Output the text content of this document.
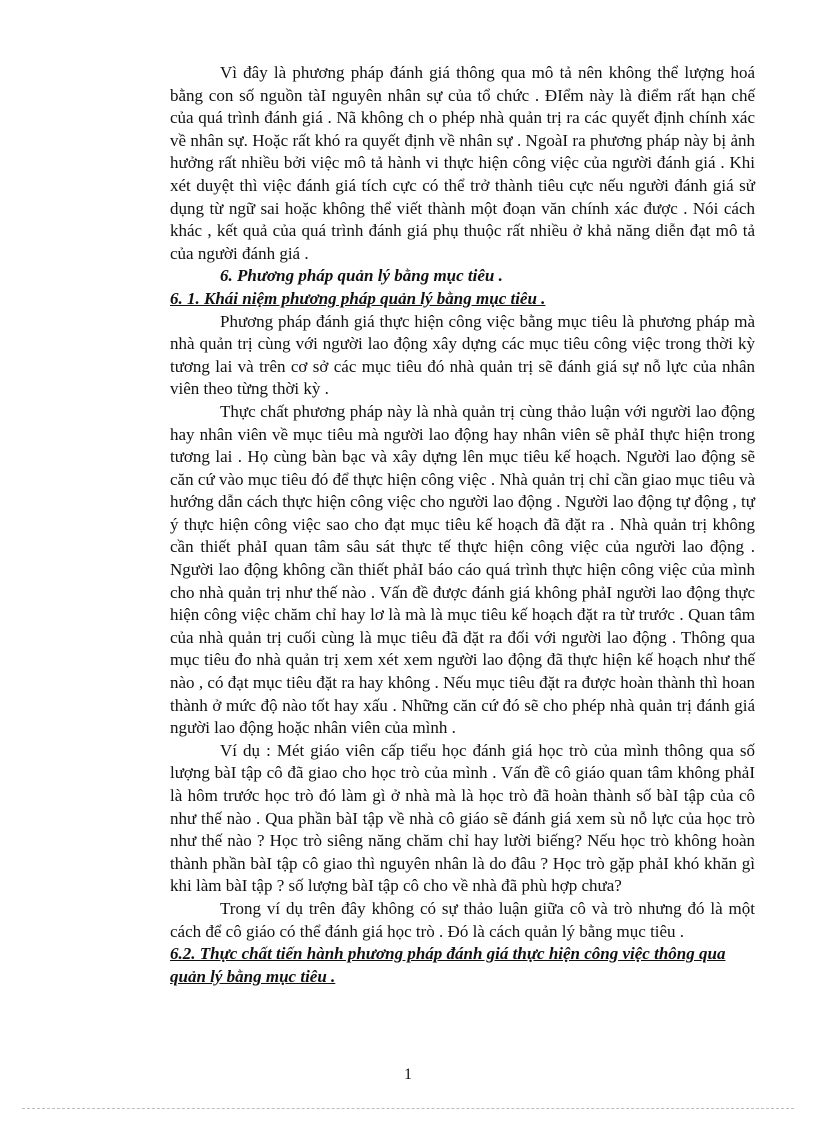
Vì đây là phương pháp đánh giá thông qua mô tả nên không thể lượng hoá bằng con số nguồn tàI nguyên nhân sự của tổ chức . ĐIểm này là điểm rất hạn chế của quá trình đánh giá . Nã không ch o phép nhà quản trị ra các quyết định chính xác về nhân sự. Hoặc rất khó ra quyết định về nhân sự . NgoàI ra phương pháp này bị ảnh hưởng rất nhiều bởi việc mô tả hành vi thực hiện công việc của người đánh giá . Khi xét duyệt thì việc đánh giá tích cực có thể trở thành tiêu cực nếu người đánh giá sử dụng từ ngữ sai hoặc không thể viết thành một đoạn văn chính xác được . Nói cách khác , kết quả của quá trình đánh giá phụ thuộc rất nhiều ở khả năng diễn đạt mô tả của người đánh giá .

6. Phương pháp quản lý bằng mục tiêu .

6. 1. Khái niệm phương pháp quản lý bằng mục tiêu .

Phương pháp đánh giá thực hiện công việc bằng mục tiêu là phương pháp mà nhà quản trị cùng với người lao động xây dựng các mục tiêu công việc trong thời kỳ tương lai và trên cơ sở các mục tiêu đó nhà quản trị sẽ đánh giá sự nỗ lực của nhân viên theo từng thời kỳ .

Thực chất phương pháp này là nhà quản trị cùng thảo luận với người lao động hay nhân viên về mục tiêu mà người lao động hay nhân viên sẽ phảI thực hiện trong tương lai . Họ cùng bàn bạc và xây dựng lên mục tiêu kế hoạch. Người lao động sẽ căn cứ vào mục tiêu đó để thực hiện công việc . Nhà quản trị chỉ cần giao mục tiêu và hướng dẫn cách thực hiện công việc cho người lao động . Người lao động tự động , tự ý thực hiện công việc sao cho đạt mục tiêu kế hoạch đã đặt ra . Nhà quản trị không cần thiết phảI quan tâm sâu sát thực tế thực hiện công việc của người lao động . Người lao động không cần thiết phảI báo cáo quá trình thực hiện công việc của mình cho nhà quản trị như thế nào . Vấn đề được đánh giá không phảI người lao động thực hiện công việc chăm chỉ hay lơ là mà là mục tiêu kế hoạch đặt ra từ trước . Quan tâm của nhà quản trị cuối cùng là mục tiêu đã đặt ra đối với người lao động . Thông qua mục tiêu đo nhà quản trị xem xét xem người lao động đã thực hiện kế hoạch như thế nào , có đạt mục tiêu đặt ra hay không . Nếu mục tiêu đặt ra được hoàn thành thì hoan thành ở mức độ nào tốt hay xấu . Những căn cứ đó sẽ cho phép nhà quản trị đánh giá người lao động hoặc nhân viên của mình .

Ví dụ : Mét giáo viên cấp tiểu học đánh giá học trò của mình thông qua số lượng bàI tập cô đã giao cho học trò của mình . Vấn đề cô giáo quan tâm không phảI là hôm trước học trò đó làm gì ở nhà mà là học trò đã hoàn thành số bàI tập của cô như thế nào . Qua phần bàI tập về nhà cô giáo sẽ đánh giá xem sù nỗ lực của học trò như thế nào ? Học trò siêng năng chăm chỉ hay lười biếng? Nếu học trò không hoàn thành phần bàI tập cô giao thì nguyên nhân là do đâu ? Học trò gặp phảI khó khăn gì khi làm bàI tập ? số lượng bàI tập cô cho về nhà đã phù hợp chưa?

Trong ví dụ trên đây không có sự thảo luận giữa cô và trò nhưng đó là một cách để cô giáo có thể đánh giá học trò . Đó là cách quản lý bằng mục tiêu .

6.2. Thực chất tiến hành phương pháp đánh giá thực hiện công việc thông qua quản lý bằng mục tiêu .

1
